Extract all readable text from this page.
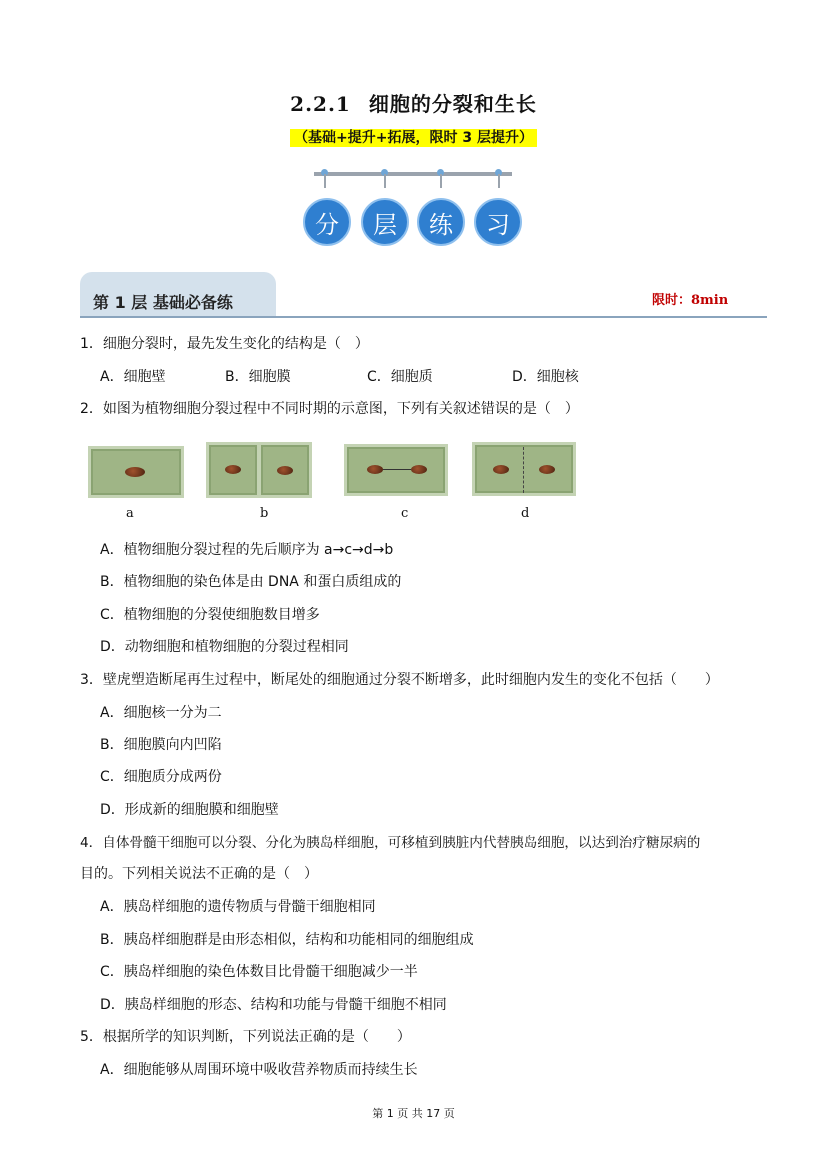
2.2.1 细胞的分裂和生长
（基础+提升+拓展，限时 3 层提升）
分	层	练	习
第 1 层 基础必备练	限时：8min
1．细胞分裂时，最先发生变化的结构是（　）
A．细胞壁	B．细胞膜	C．细胞质	D．细胞核
2．如图为植物细胞分裂过程中不同时期的示意图，下列有关叙述错误的是（　）
a	b	c	d
A．植物细胞分裂过程的先后顺序为 a→c→d→b
B．植物细胞的染色体是由 DNA 和蛋白质组成的
C．植物细胞的分裂使细胞数目增多
D．动物细胞和植物细胞的分裂过程相同
3．壁虎塑造断尾再生过程中，断尾处的细胞通过分裂不断增多，此时细胞内发生的变化不包括（　　）
A．细胞核一分为二
B．细胞膜向内凹陷
C．细胞质分成两份
D．形成新的细胞膜和细胞壁
4．自体骨髓干细胞可以分裂、分化为胰岛样细胞，可移植到胰脏内代替胰岛细胞，以达到治疗糖尿病的
目的。下列相关说法不正确的是（　）
A．胰岛样细胞的遗传物质与骨髓干细胞相同
B．胰岛样细胞群是由形态相似，结构和功能相同的细胞组成
C．胰岛样细胞的染色体数目比骨髓干细胞减少一半
D．胰岛样细胞的形态、结构和功能与骨髓干细胞不相同
5．根据所学的知识判断，下列说法正确的是（　　）
A．细胞能够从周围环境中吸收营养物质而持续生长
第 1 页 共 17 页
